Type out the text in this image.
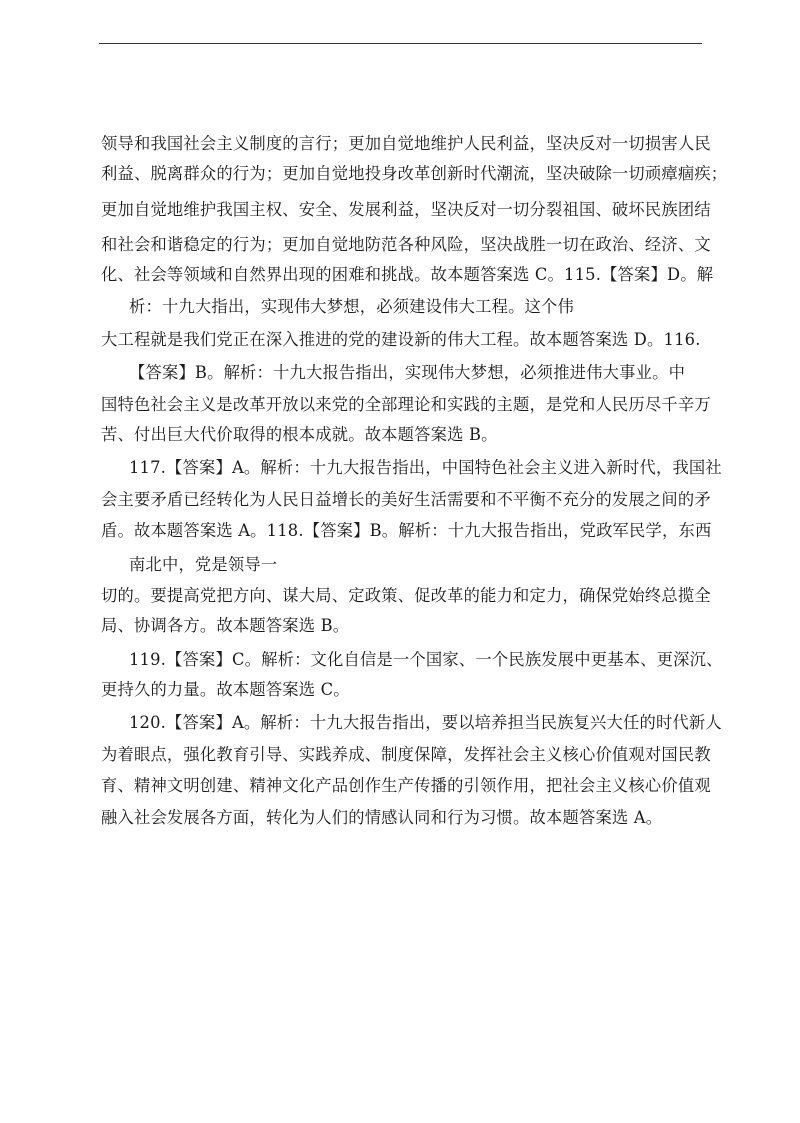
领导和我国社会主义制度的言行；更加自觉地维护人民利益，坚决反对一切损害人民
利益、脱离群众的行为；更加自觉地投身改革创新时代潮流，坚决破除一切顽瘴痼疾；
更加自觉地维护我国主权、安全、发展利益，坚决反对一切分裂祖国、破坏民族团结
和社会和谐稳定的行为；更加自觉地防范各种风险，坚决战胜一切在政治、经济、文
化、社会等领域和自然界出现的困难和挑战。故本题答案选 C。115.【答案】D。解
析：十九大指出，实现伟大梦想，必须建设伟大工程。这个伟
大工程就是我们党正在深入推进的党的建设新的伟大工程。故本题答案选 D。116.
【答案】B。解析：十九大报告指出，实现伟大梦想，必须推进伟大事业。中
国特色社会主义是改革开放以来党的全部理论和实践的主题，是党和人民历尽千辛万
苦、付出巨大代价取得的根本成就。故本题答案选 B。
117.【答案】A。解析：十九大报告指出，中国特色社会主义进入新时代，我国社
会主要矛盾已经转化为人民日益增长的美好生活需要和不平衡不充分的发展之间的矛
盾。故本题答案选 A。118.【答案】B。解析：十九大报告指出，党政军民学，东西
南北中，党是领导一
切的。要提高党把方向、谋大局、定政策、促改革的能力和定力，确保党始终总揽全
局、协调各方。故本题答案选 B。
119.【答案】C。解析：文化自信是一个国家、一个民族发展中更基本、更深沉、
更持久的力量。故本题答案选 C。
120.【答案】A。解析：十九大报告指出，要以培养担当民族复兴大任的时代新人
为着眼点，强化教育引导、实践养成、制度保障，发挥社会主义核心价值观对国民教
育、精神文明创建、精神文化产品创作生产传播的引领作用，把社会主义核心价值观
融入社会发展各方面，转化为人们的情感认同和行为习惯。故本题答案选 A。
